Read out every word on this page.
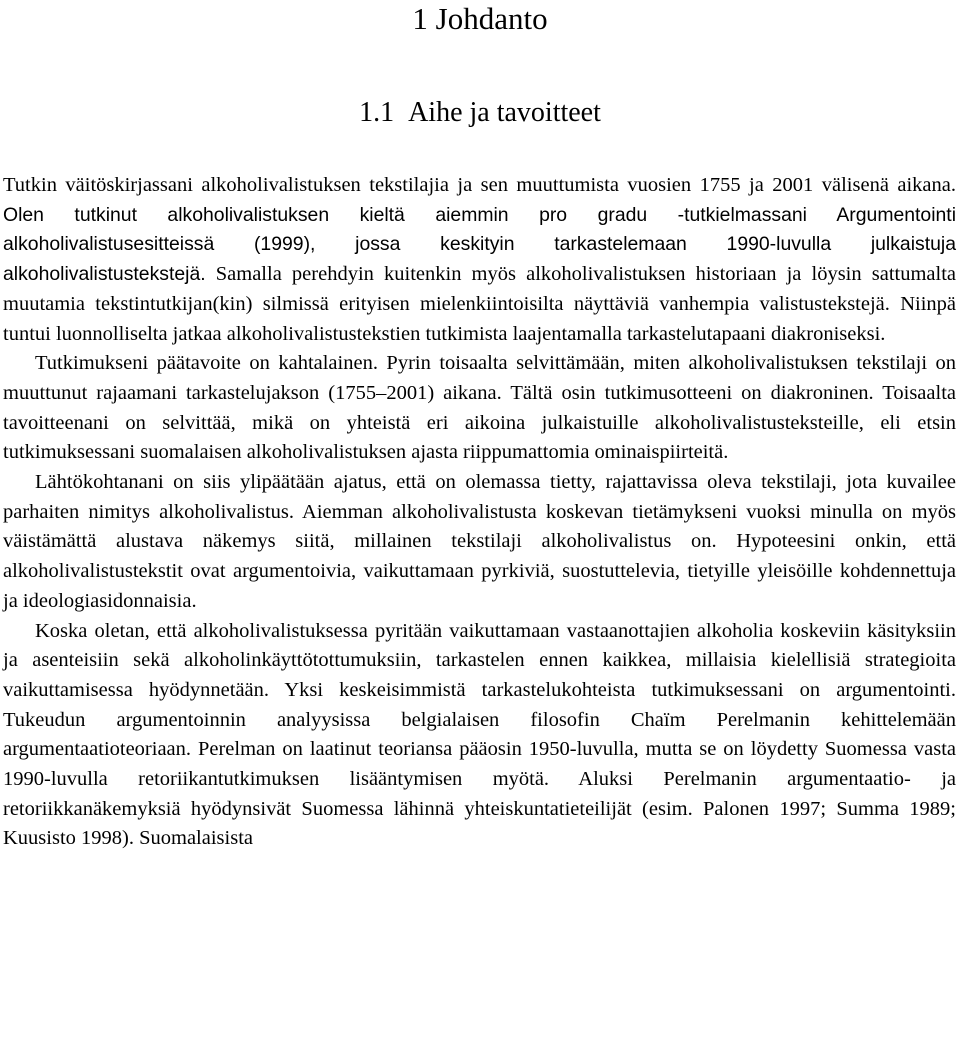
1 Johdanto
1.1 Aihe ja tavoitteet

Tutkin väitöskirjassani alkoholivalistuksen tekstilajia ja sen muuttumista vuosien 1755 ja 2001 välisenä aikana. Olen tutkinut alkoholivalistuksen kieltä aiemmin pro gradu -tutkielmassani Argumentointi alkoholivalistusesitteissä (1999), jossa keskityin tarkastelemaan 1990-luvulla julkaistuja alkoholivalistustekstejä. Samalla perehdyin kuitenkin myös alkoholivalistuksen historiaan ja löysin sattumalta muutamia tekstintutkijan(kin) silmissä erityisen mielenkiintoisilta näyttäviä vanhempia valistustekstejä. Niinpä tuntui luonnolliselta jatkaa alkoholivalistustekstien tutkimista laajentamalla tarkastelutapaani diakroniseksi.

Tutkimukseni päätavoite on kahtalainen. Pyrin toisaalta selvittämään, miten alkoholivalistuksen tekstilaji on muuttunut rajaamani tarkastelujakson (1755–2001) aikana. Tältä osin tutkimusotteeni on diakroninen. Toisaalta tavoitteenani on selvittää, mikä on yhteistä eri aikoina julkaistuille alkoholivalistusteksteille, eli etsin tutkimuksessani suomalaisen alkoholivalistuksen ajasta riippumattomia ominaispiirteitä.

Lähtökohtanani on siis ylipäätään ajatus, että on olemassa tietty, rajattavissa oleva tekstilaji, jota kuvailee parhaiten nimitys alkoholivalistus. Aiemman alkoholivalistusta koskevan tietämykseni vuoksi minulla on myös väistämättä alustava näkemys siitä, millainen tekstilaji alkoholivalistus on. Hypoteesini onkin, että alkoholivalistustekstit ovat argumentoivia, vaikuttamaan pyrkiviä, suostuttelevia, tietyille yleisöille kohdennettuja ja ideologiasidonnaisia.

Koska oletan, että alkoholivalistuksessa pyritään vaikuttamaan vastaanottajien alkoholia koskeviin käsityksiin ja asenteisiin sekä alkoholinkäyttötottumuksiin, tarkastelen ennen kaikkea, millaisia kielellisiä strategioita vaikuttamisessa hyödynnetään. Yksi keskeisimmistä tarkastelukohteista tutkimuksessani on argumentointi. Tukeudun argumentoinnin analyysissa belgialaisen filosofin Chaïm Perelmanin kehittelemään argumentaatioteoriaan. Perelman on laatinut teoriansa pääosin 1950-luvulla, mutta se on löydetty Suomessa vasta 1990-luvulla retoriikantutkimuksen lisääntymisen myötä. Aluksi Perelmanin argumentaatio- ja retoriikkanäkemyksiä hyödynsivät Suomessa lähinnä yhteiskuntatieteilijät (esim. Palonen 1997; Summa 1989; Kuusisto 1998). Suomalaisista
